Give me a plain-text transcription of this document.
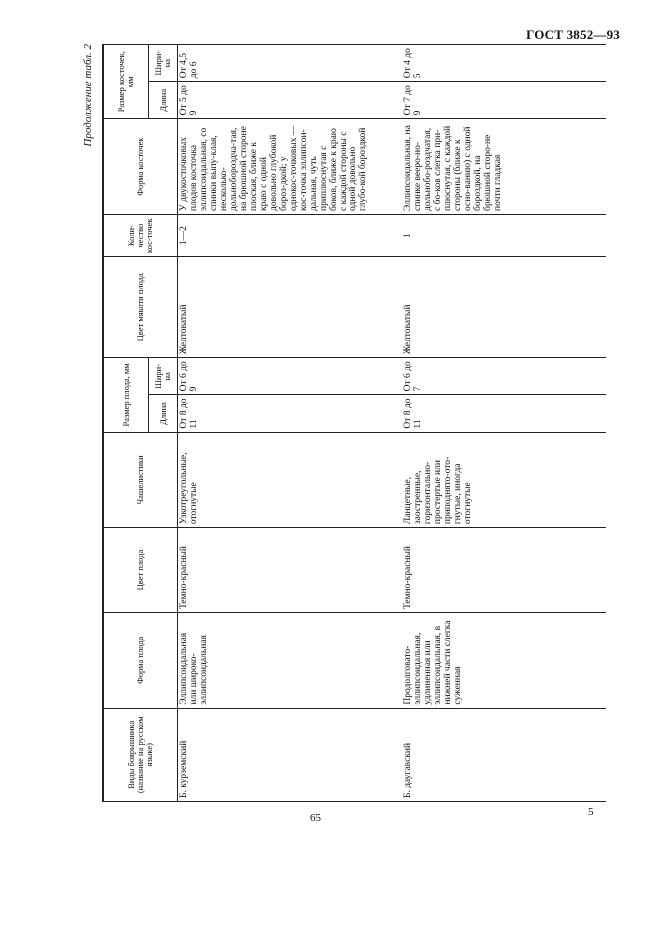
ГОСТ 3852—93
Продолжение табл. 2
Виды боярышника (название на русском языке)	Форма плода	Цвет плода	Чашелистики	Размер плода, мм		Цвет мякоти плода	Коли-чество кос-точек	Форма косточек	Размер косточек, мм	
				Длина	Шири-на				Длина	Шири-на
Б. курземский	Эллипсоидальная или широко-эллипсоидальная	Темно-красный	Узкотреугольные, отогнутые	От 8 до 11	От 6 до 9	Желтоватый	1—2	У двукосточковых плодов косточка эллипсоидальная, со спинки выпу-клая, несколько-дольнобороздча-тая, на брюшной стороне плоская, ближе к краю с одной довольно глубокой бороз-дкой; у однокос-точковых — кос-точка эллипсои-дальная, чуть приплюснутая с боков, ближе к краю с каждой стороны с одной довольно глубо-кой бороздкой	От 5 до 9	От 4,5 до 6
Б. даугавский	Продолговато-эллипсоидальная, удлиненная или эллипсоидальная, в нижней части слегка суженная	Темно-красный	Ланцетные, заостренные, горизонтально-простертые или приподнято-ото-гнутые, иногда отогнутые	От 8 до 11	От 6 до 7	Желтоватый	1	Эллипсоидальная, на спинке вееро-но-дольнобо-роздчатая, с бо-ков слегка при-плюснутая, с каждой стороны (ближе к осно-ванию) с одной бороздкой, на брюшной сторо-не почти гладкая	От 7 до 9	От 4 до 5
65	5
